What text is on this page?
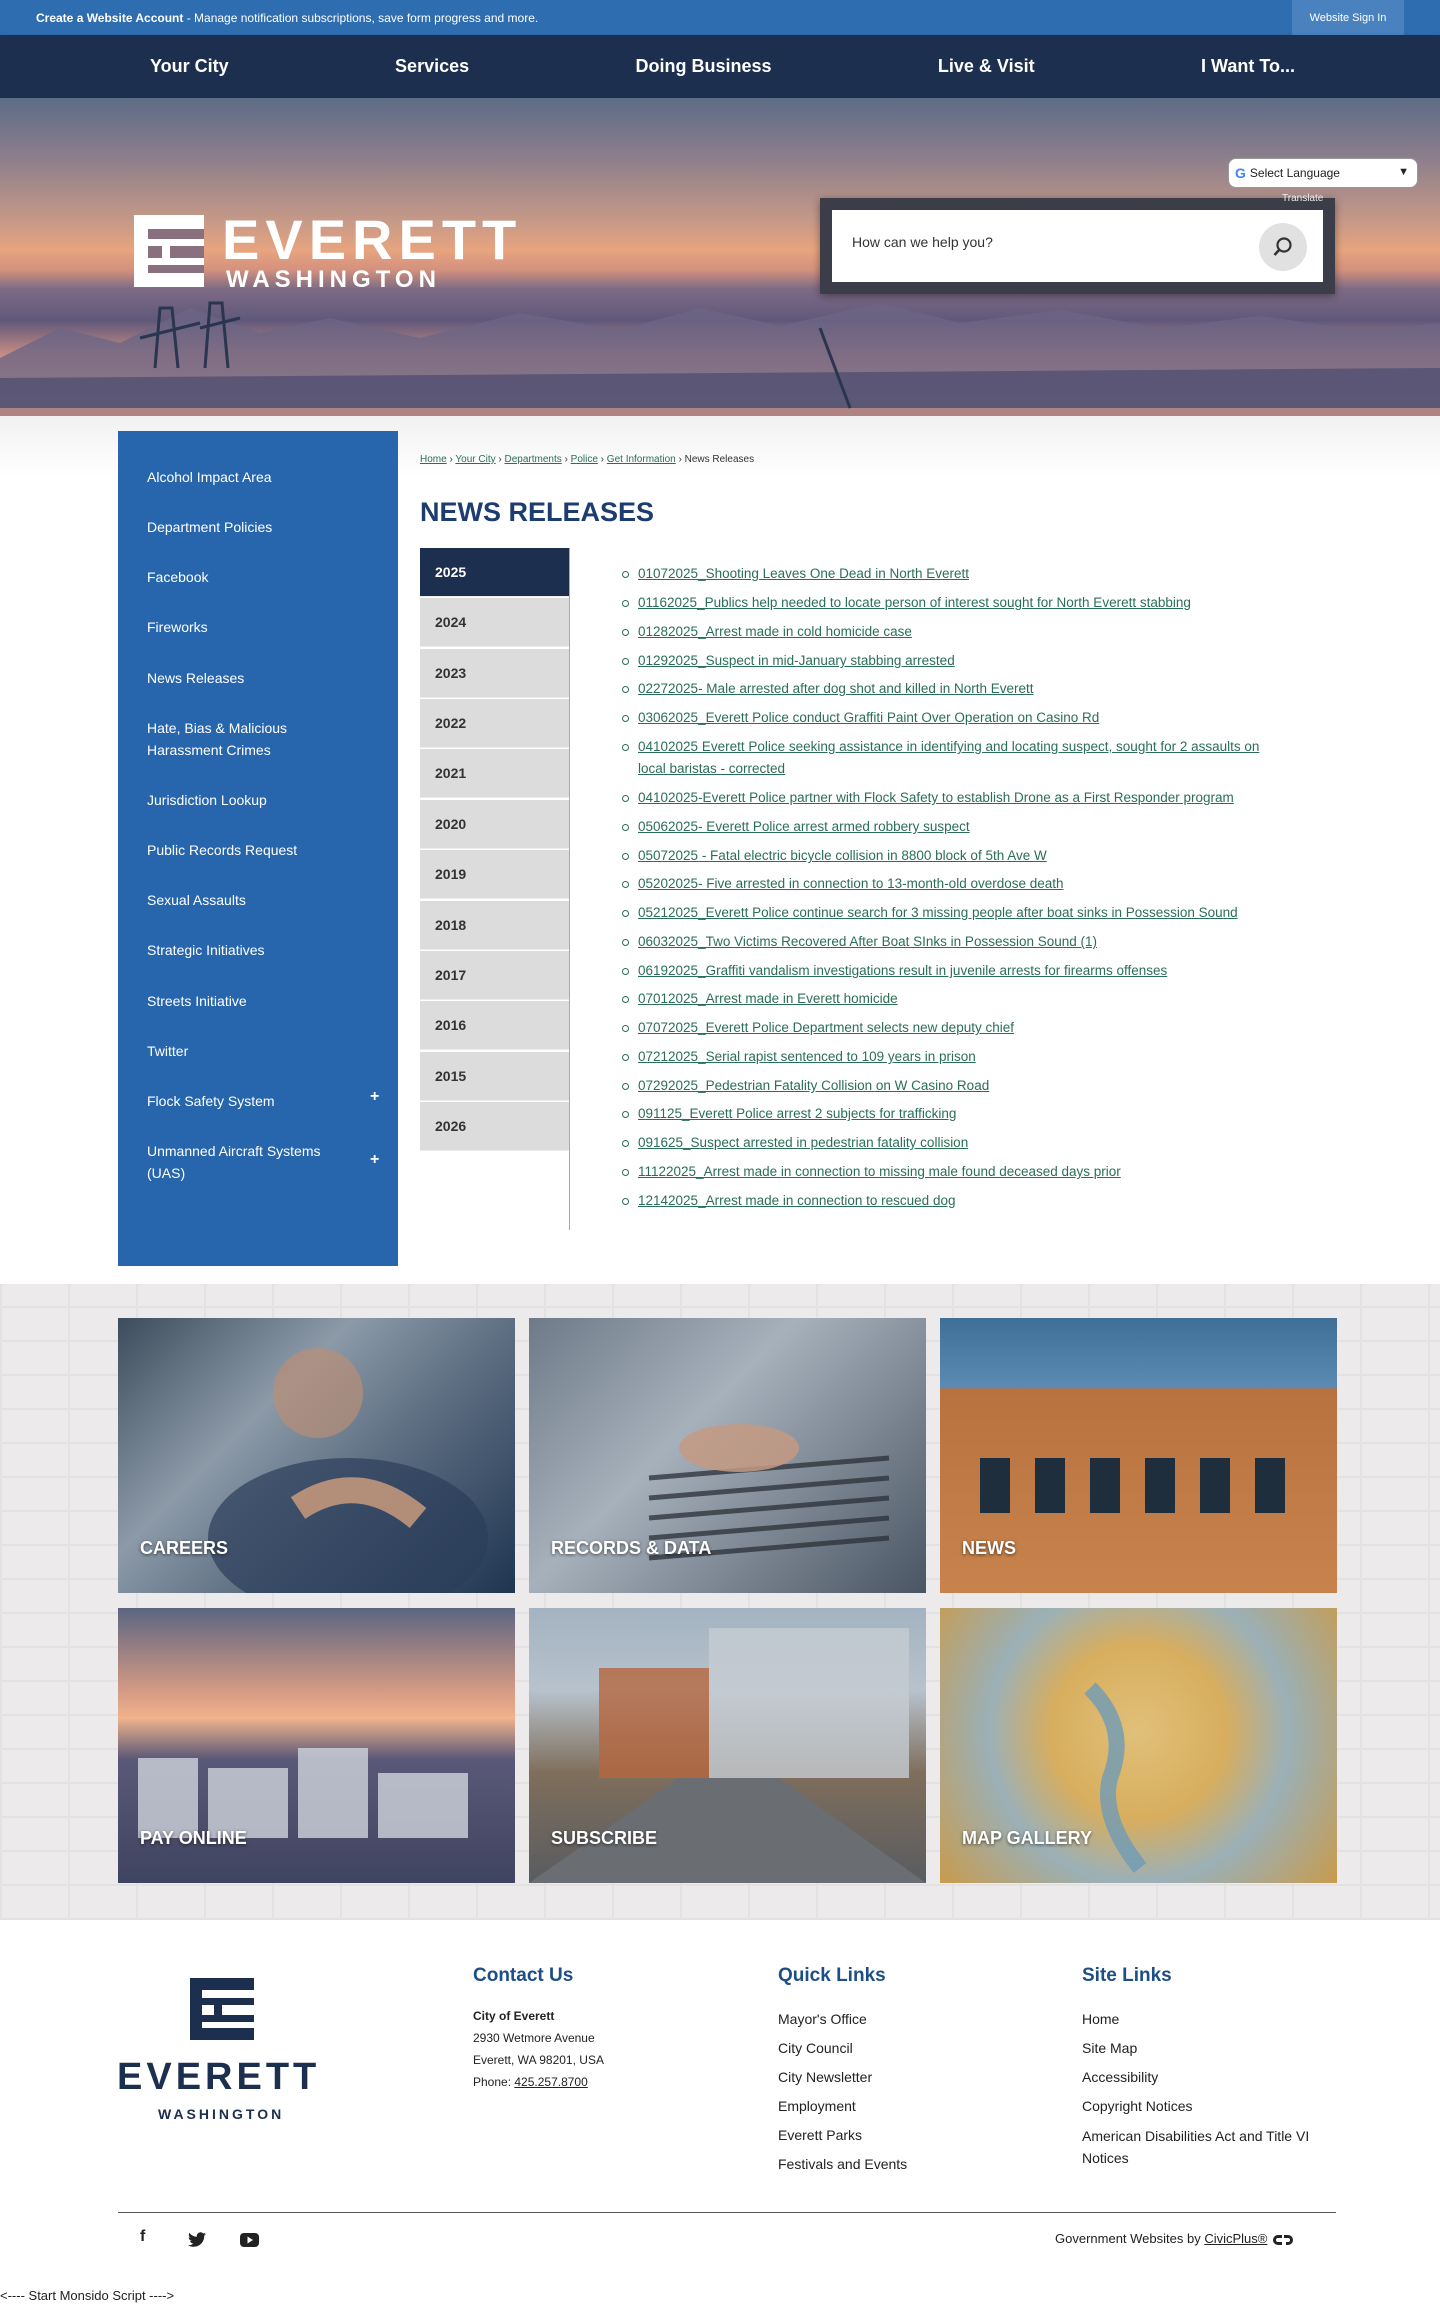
Create a Website Account - Manage notification subscriptions, save form progress and more.	Website Sign In
Your City	Services	Doing Business	Live & Visit	I Want To...
EVERETT
WASHINGTON
How can we help you?
G Select Language	▼
Translate
Alcohol Impact Area
Department Policies
Facebook
Fireworks
News Releases
Hate, Bias & Malicious Harassment Crimes
Jurisdiction Lookup
Public Records Request
Sexual Assaults
Strategic Initiatives
Streets Initiative
Twitter
Flock Safety System	+
Unmanned Aircraft Systems (UAS)
+
Home › Your City › Departments › Police › Get Information › News Releases
NEWS RELEASES
2025
2024
2023
2022
2021
2020
2019
2018
2017
2016
2015
2026
01072025_Shooting Leaves One Dead in North Everett
01162025_Publics help needed to locate person of interest sought for North Everett stabbing
01282025_Arrest made in cold homicide case
01292025_Suspect in mid-January stabbing arrested
02272025- Male arrested after dog shot and killed in North Everett
03062025_Everett Police conduct Graffiti Paint Over Operation on Casino Rd
04102025 Everett Police seeking assistance in identifying and locating suspect, sought for 2 assaults on local baristas - corrected
04102025-Everett Police partner with Flock Safety to establish Drone as a First Responder program
05062025- Everett Police arrest armed robbery suspect
05072025 - Fatal electric bicycle collision in 8800 block of 5th Ave W
05202025- Five arrested in connection to 13-month-old overdose death
05212025_Everett Police continue search for 3 missing people after boat sinks in Possession Sound
06032025_Two Victims Recovered After Boat SInks in Possession Sound (1)
06192025_Graffiti vandalism investigations result in juvenile arrests for firearms offenses
07012025_Arrest made in Everett homicide
07072025_Everett Police Department selects new deputy chief
07212025_Serial rapist sentenced to 109 years in prison
07292025_Pedestrian Fatality Collision on W Casino Road
091125_Everett Police arrest 2 subjects for trafficking
091625_Suspect arrested in pedestrian fatality collision
11122025_Arrest made in connection to missing male found deceased days prior
12142025_Arrest made in connection to rescued dog
CAREERS	RECORDS & DATA	NEWS
PAY ONLINE	SUBSCRIBE	MAP GALLERY
EVERETT
WASHINGTON
Contact Us
City of Everett
2930 Wetmore Avenue
Everett, WA 98201, USA
Phone: 425.257.8700
Quick Links
Mayor's Office
City Council
City Newsletter
Employment
Everett Parks
Festivals and Events
Site Links
Home
Site Map
Accessibility
Copyright Notices
American Disabilities Act and Title VI Notices
f	Government Websites by CivicPlus®
<---- Start Monsido Script ---->
